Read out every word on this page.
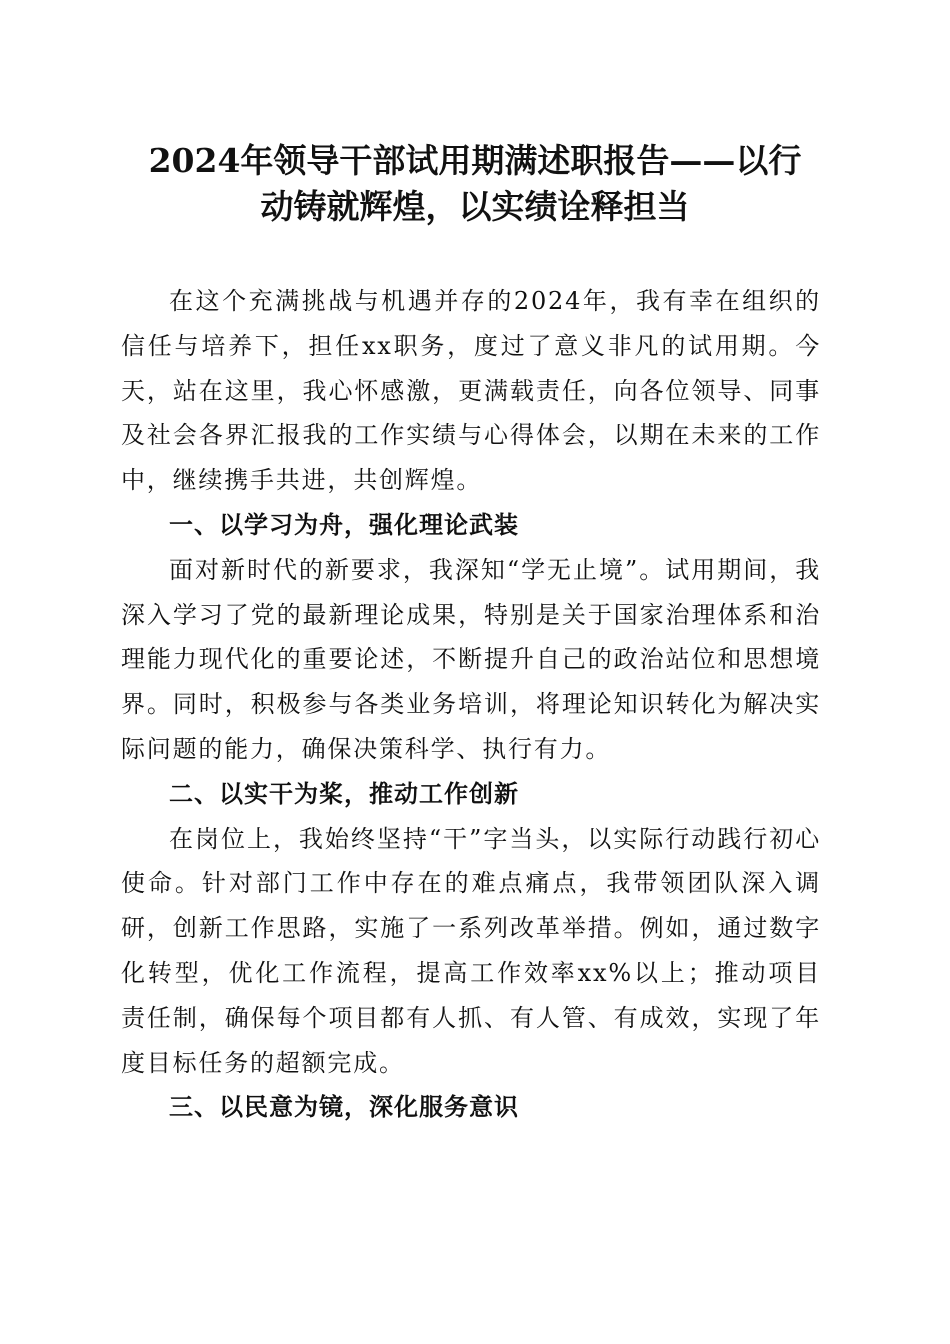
2024年领导干部试用期满述职报告——以行
动铸就辉煌，以实绩诠释担当

在这个充满挑战与机遇并存的2024年，我有幸在组织的信任与培养下，担任xx职务，度过了意义非凡的试用期。今天，站在这里，我心怀感激，更满载责任，向各位领导、同事及社会各界汇报我的工作实绩与心得体会，以期在未来的工作中，继续携手共进，共创辉煌。

一、以学习为舟，强化理论武装

面对新时代的新要求，我深知“学无止境”。试用期间，我深入学习了党的最新理论成果，特别是关于国家治理体系和治理能力现代化的重要论述，不断提升自己的政治站位和思想境界。同时，积极参与各类业务培训，将理论知识转化为解决实际问题的能力，确保决策科学、执行有力。

二、以实干为桨，推动工作创新

在岗位上，我始终坚持“干”字当头，以实际行动践行初心使命。针对部门工作中存在的难点痛点，我带领团队深入调研，创新工作思路，实施了一系列改革举措。例如，通过数字化转型，优化工作流程，提高工作效率xx%以上；推动项目责任制，确保每个项目都有人抓、有人管、有成效，实现了年度目标任务的超额完成。

三、以民意为镜，深化服务意识
